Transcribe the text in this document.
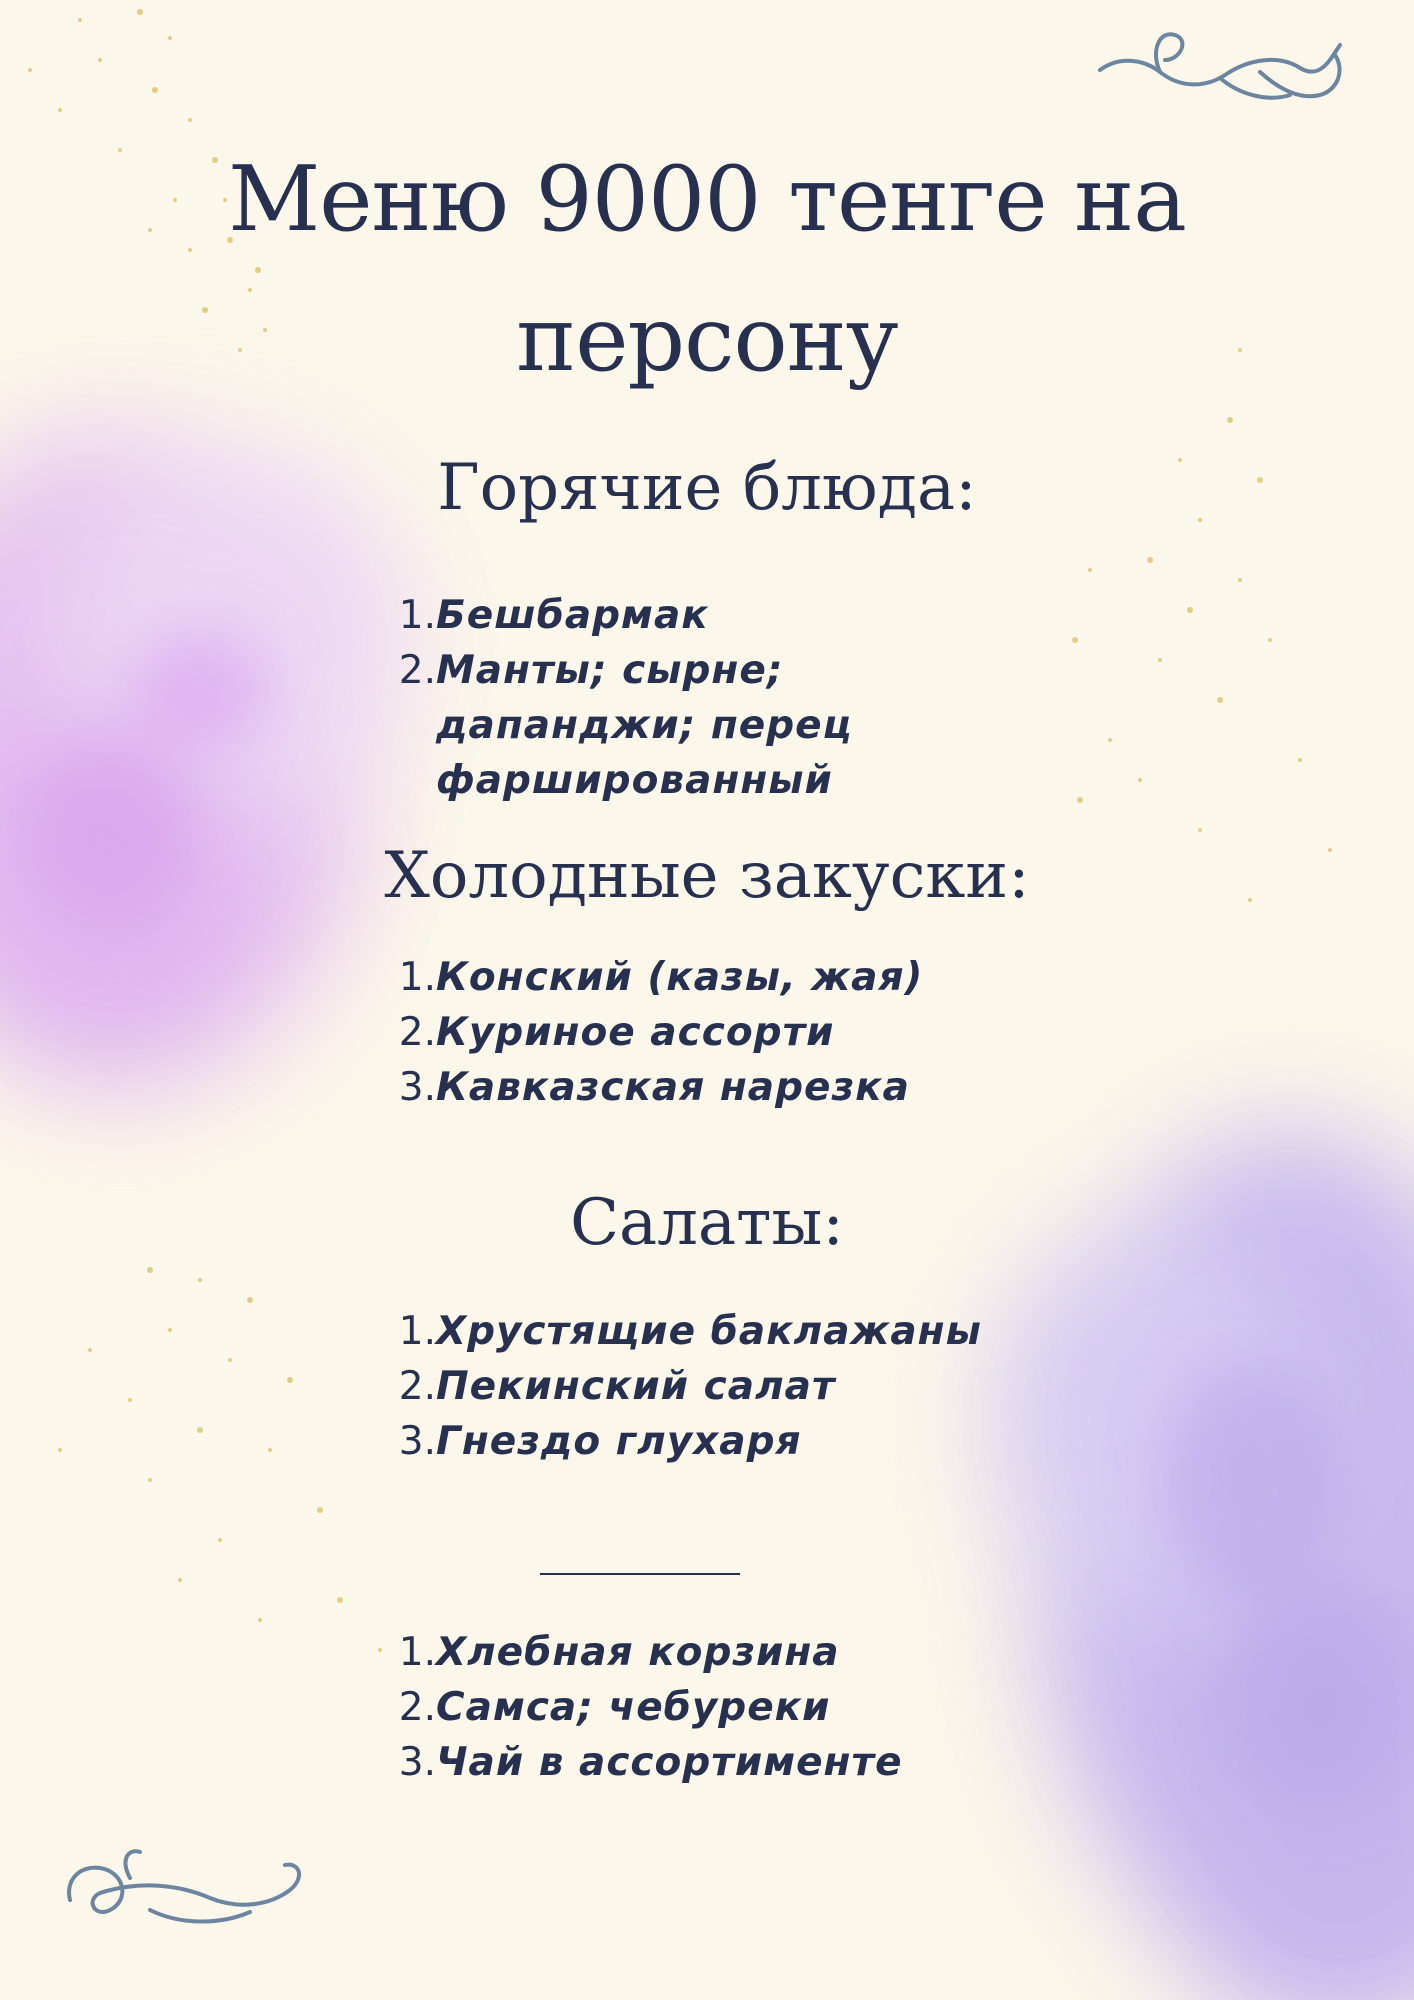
Меню 9000 тенге на
персону
Горячие блюда:
1. Бешбармак
2. Манты; сырне; дапанджи; перец фаршированный
Холодные закуски:
1. Конский (казы, жая)
2. Куриное ассорти
3. Кавказская нарезка
Салаты:
1. Хрустящие баклажаны
2. Пекинский салат
3. Гнездо глухаря
1. Хлебная корзина
2. Самса; чебуреки
3. Чай в ассортименте
